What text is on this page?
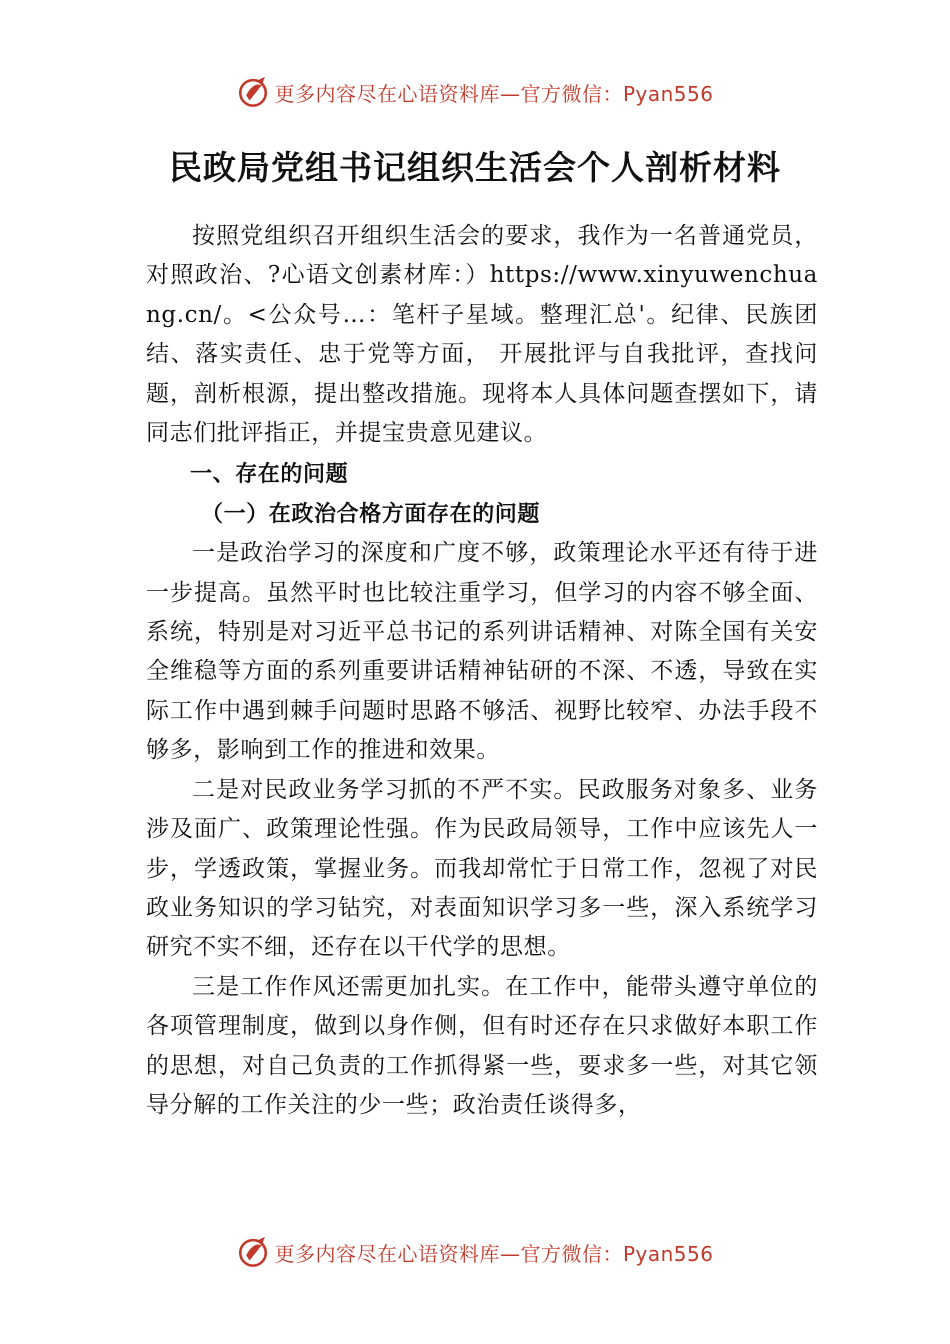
更多内容尽在心语资料库—官方微信：Pyan556
民政局党组书记组织生活会个人剖析材料

按照党组织召开组织生活会的要求，我作为一名普通党员，对照政治、?心语文创素材库：）https://www.xinyuwenchuang.cn/。<公众号…：笔杆子星域。整理汇总'。纪律、民族团结、落实责任、忠于党等方面， 开展批评与自我批评，查找问题，剖析根源，提出整改措施。现将本人具体问题查摆如下，请同志们批评指正，并提宝贵意见建议。

一、存在的问题

（一）在政治合格方面存在的问题

一是政治学习的深度和广度不够，政策理论水平还有待于进一步提高。虽然平时也比较注重学习，但学习的内容不够全面、系统，特别是对习近平总书记的系列讲话精神、对陈全国有关安全维稳等方面的系列重要讲话精神钻研的不深、不透，导致在实际工作中遇到棘手问题时思路不够活、视野比较窄、办法手段不够多，影响到工作的推进和效果。

二是对民政业务学习抓的不严不实。民政服务对象多、业务涉及面广、政策理论性强。作为民政局领导，工作中应该先人一步，学透政策，掌握业务。而我却常忙于日常工作，忽视了对民政业务知识的学习钻究，对表面知识学习多一些，深入系统学习研究不实不细，还存在以干代学的思想。

三是工作作风还需更加扎实。在工作中，能带头遵守单位的各项管理制度，做到以身作侧，但有时还存在只求做好本职工作的思想，对自己负责的工作抓得紧一些，要求多一些，对其它领导分解的工作关注的少一些；政治责任谈得多，

更多内容尽在心语资料库—官方微信：Pyan556
